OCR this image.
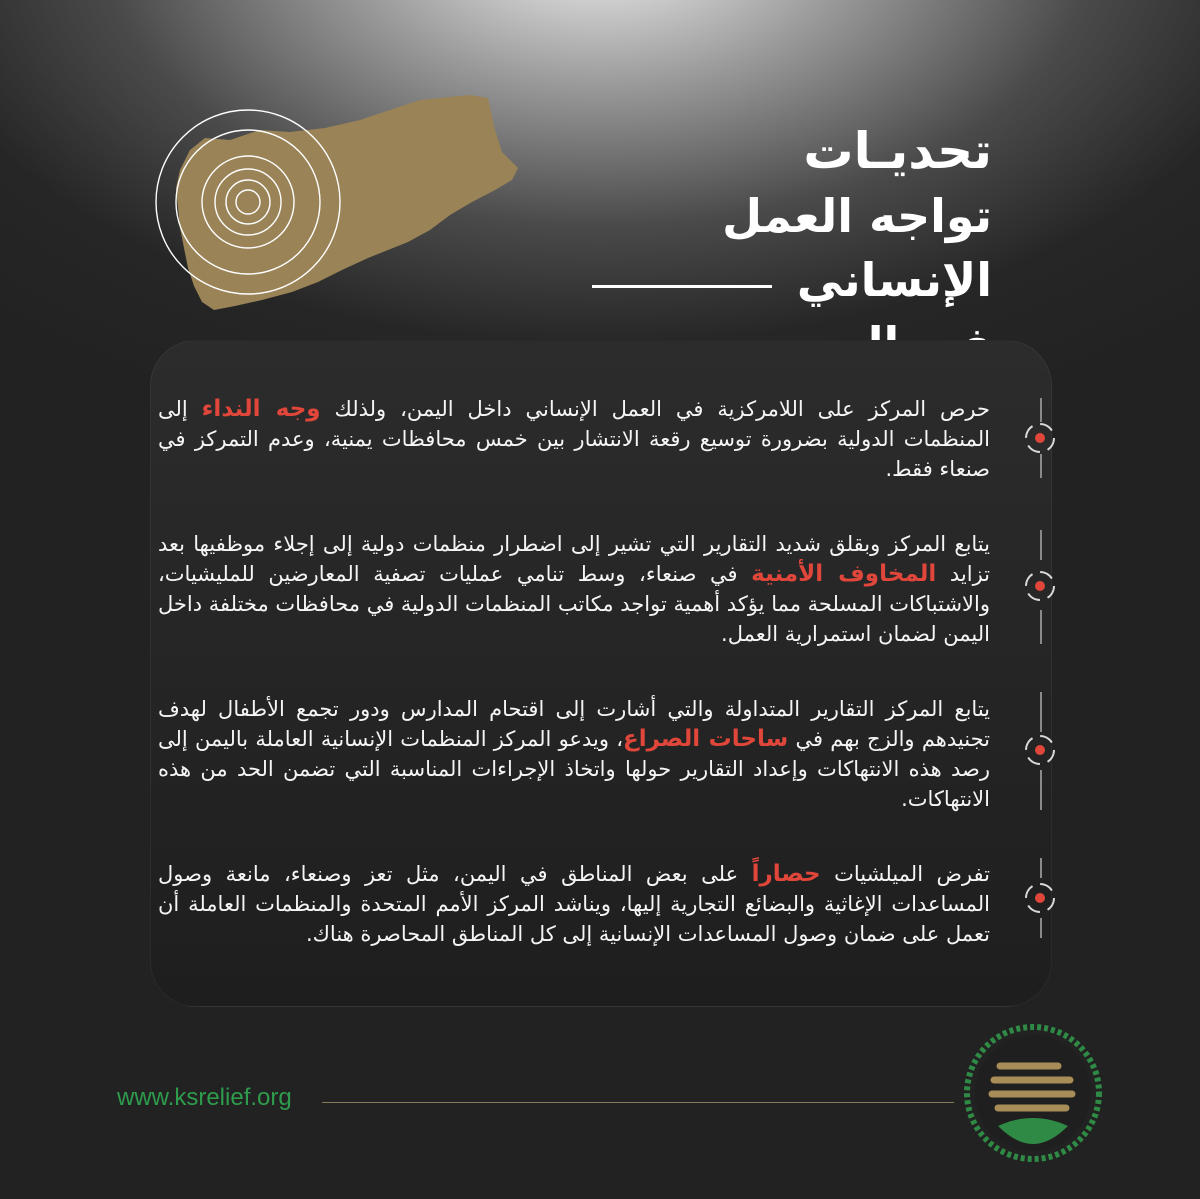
تحديـات
تواجه العمل الإنساني
حرص المركز على اللامركزية في العمل الإنساني داخل اليمن، ولذلك وجه النداء إلى المنظمات الدولية بضرورة توسيع رقعة الانتشار بين خمس محافظات يمنية، وعدم التمركز في صنعاء فقط.
يتابع المركز وبقلق شديد التقارير التي تشير إلى اضطرار منظمات دولية إلى إجلاء موظفيها بعد تزايد المخاوف الأمنية في صنعاء، وسط تنامي عمليات تصفية المعارضين للمليشيات، والاشتباكات المسلحة مما يؤكد أهمية تواجد مكاتب المنظمات الدولية في محافظات مختلفة داخل اليمن لضمان استمرارية العمل.
يتابع المركز التقارير المتداولة والتي أشارت إلى اقتحام المدارس ودور تجمع الأطفال لهدف تجنيدهم والزج بهم في ساحات الصراع، ويدعو المركز المنظمات الإنسانية العاملة باليمن إلى رصد هذه الانتهاكات وإعداد التقارير حولها واتخاذ الإجراءات المناسبة التي تضمن الحد من هذه الانتهاكات.
تفرض الميلشيات حصاراً على بعض المناطق في اليمن، مثل تعز وصنعاء، مانعة وصول المساعدات الإغاثية والبضائع التجارية إليها، ويناشد المركز الأمم المتحدة والمنظمات العاملة أن تعمل على ضمان وصول المساعدات الإنسانية إلى كل المناطق المحاصرة هناك.
www.ksrelief.org
